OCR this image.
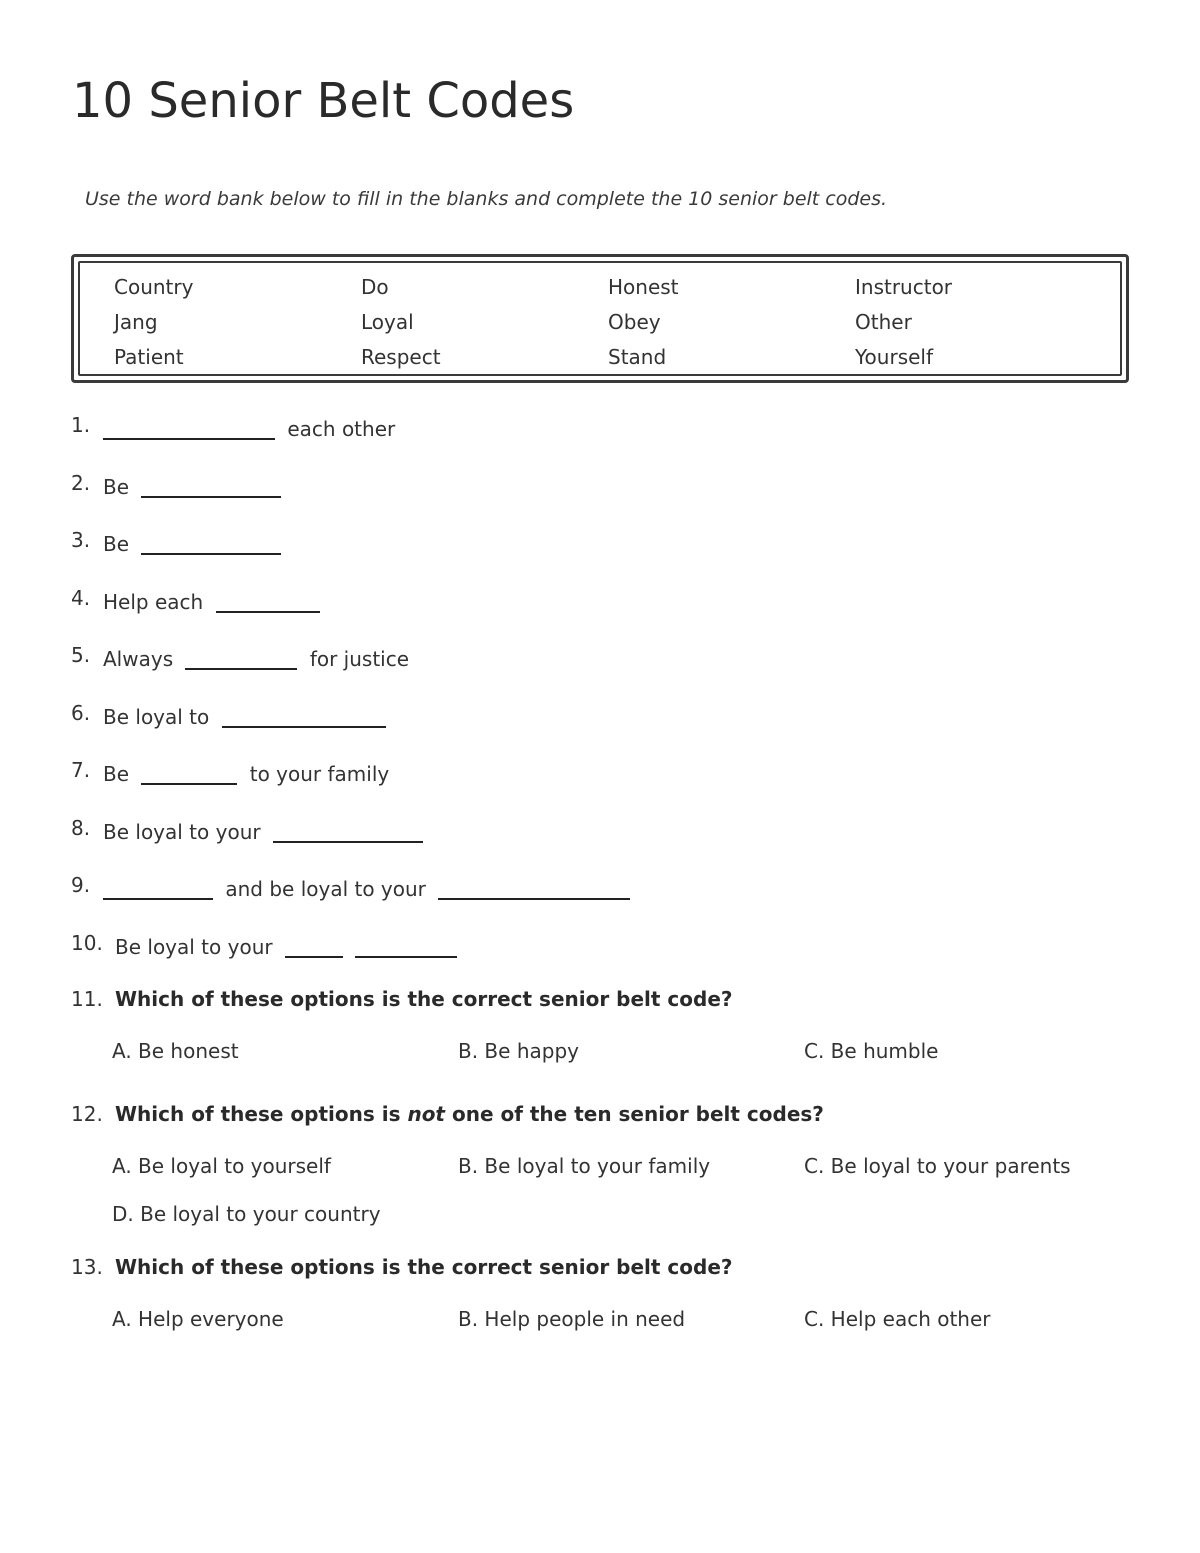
10 Senior Belt Codes
Use the word bank below to fill in the blanks and complete the 10 senior belt codes.
Country	Do	Honest	Instructor
Jang	Loyal	Obey	Other
Patient	Respect	Stand	Yourself
1.	each other
2. Be
3. Be
4. Help each
5. Always	for justice
6. Be loyal to
7. Be	to your family
8. Be loyal to your
9.	and be loyal to your
10. Be loyal to your
11. Which of these options is the correct senior belt code?
A. Be honest	B. Be happy	C. Be humble
12. Which of these options is not one of the ten senior belt codes?
A. Be loyal to yourself	B. Be loyal to your family	C. Be loyal to your parents
D. Be loyal to your country
13. Which of these options is the correct senior belt code?
A. Help everyone	B. Help people in need	C. Help each other
